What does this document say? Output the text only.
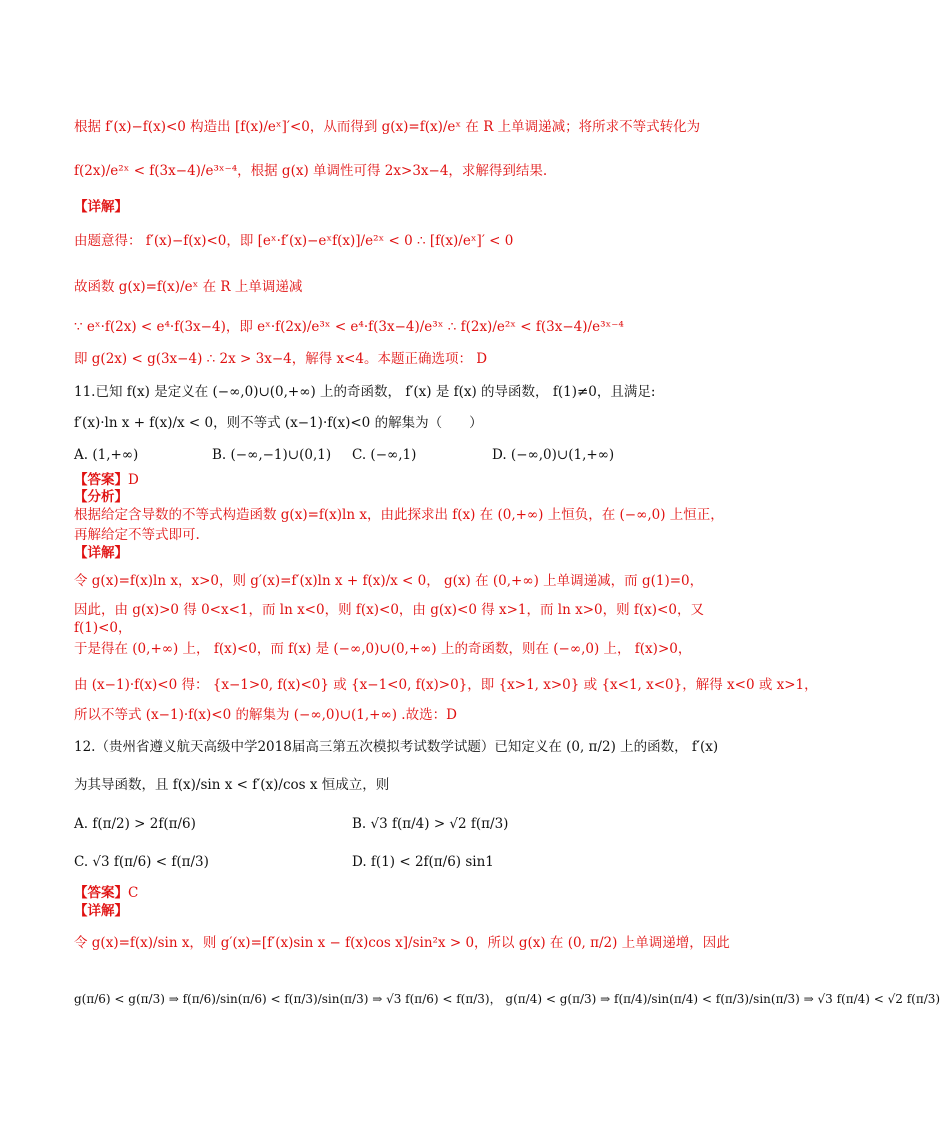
根据 f′(x)−f(x)<0 构造出 [f(x)/eˣ]′<0，从而得到 g(x)=f(x)/eˣ 在 R 上单调递减；将所求不等式转化为
f(2x)/e²ˣ < f(3x−4)/e³ˣ⁻⁴，根据 g(x) 单调性可得 2x>3x−4，求解得到结果.
【详解】
由题意得： f′(x)−f(x)<0，即 [eˣ·f′(x)−eˣf(x)]/e²ˣ < 0 ∴ [f(x)/eˣ]′ < 0
故函数 g(x)=f(x)/eˣ 在 R 上单调递减
∵ eˣ·f(2x) < e⁴·f(3x−4)，即 eˣ·f(2x)/e³ˣ < e⁴·f(3x−4)/e³ˣ ∴ f(2x)/e²ˣ < f(3x−4)/e³ˣ⁻⁴
即 g(2x) < g(3x−4) ∴ 2x > 3x−4，解得 x<4。本题正确选项： D
11.已知 f(x) 是定义在 (−∞,0)∪(0,+∞) 上的奇函数， f′(x) 是 f(x) 的导函数， f(1)≠0，且满足:
f′(x)·ln x + f(x)/x < 0，则不等式 (x−1)·f(x)<0 的解集为（　　）
A. (1,+∞)	B. (−∞,−1)∪(0,1) C. (−∞,1)	D. (−∞,0)∪(1,+∞)
【答案】D
【分析】
根据给定含导数的不等式构造函数 g(x)=f(x)ln x，由此探求出 f(x) 在 (0,+∞) 上恒负，在 (−∞,0) 上恒正，
再解给定不等式即可.
【详解】
令 g(x)=f(x)ln x，x>0，则 g′(x)=f′(x)ln x + f(x)/x < 0， g(x) 在 (0,+∞) 上单调递减，而 g(1)=0，
因此，由 g(x)>0 得 0<x<1，而 ln x<0，则 f(x)<0，由 g(x)<0 得 x>1，而 ln x>0，则 f(x)<0，又
f(1)<0，
于是得在 (0,+∞) 上， f(x)<0，而 f(x) 是 (−∞,0)∪(0,+∞) 上的奇函数，则在 (−∞,0) 上， f(x)>0，
由 (x−1)·f(x)<0 得： {x−1>0, f(x)<0} 或 {x−1<0, f(x)>0}，即 {x>1, x>0} 或 {x<1, x<0}，解得 x<0 或 x>1，
所以不等式 (x−1)·f(x)<0 的解集为 (−∞,0)∪(1,+∞) .故选：D
12.（贵州省遵义航天高级中学2018届高三第五次模拟考试数学试题）已知定义在 (0, π/2) 上的函数， f′(x)
为其导函数，且 f(x)/sin x < f′(x)/cos x 恒成立，则
A. f(π/2) > 2f(π/6)	B. √3 f(π/4) > √2 f(π/3)
C. √3 f(π/6) < f(π/3)	D. f(1) < 2f(π/6) sin1
【答案】C
【详解】
令 g(x)=f(x)/sin x，则 g′(x)=[f′(x)sin x − f(x)cos x]/sin²x > 0，所以 g(x) 在 (0, π/2) 上单调递增，因此
g(π/6) < g(π/3) ⇒ f(π/6)/sin(π/6) < f(π/3)/sin(π/3) ⇒ √3 f(π/6) < f(π/3)， g(π/4) < g(π/3) ⇒ f(π/4)/sin(π/4) < f(π/3)/sin(π/3) ⇒ √3 f(π/4) < √2 f(π/3)
